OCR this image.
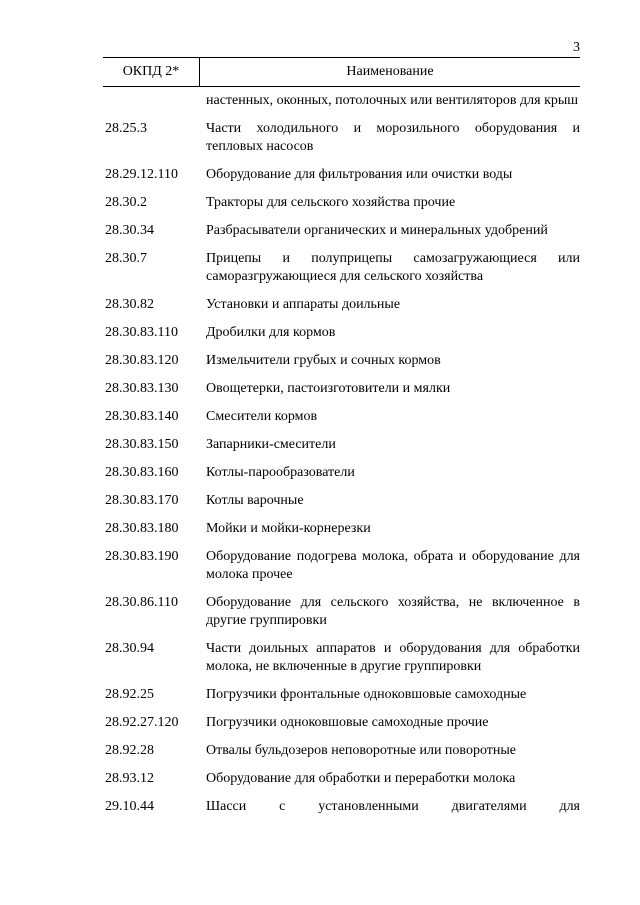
3
ОКПД 2*	Наименование
настенных, оконных, потолочных или вентиляторов для крыш
28.25.3	Части холодильного и морозильного оборудования и тепловых насосов
28.29.12.110	Оборудование для фильтрования или очистки воды
28.30.2	Тракторы для сельского хозяйства прочие
28.30.34	Разбрасыватели органических и минеральных удобрений
28.30.7	Прицепы и полуприцепы самозагружающиеся или саморазгружающиеся для сельского хозяйства
28.30.82	Установки и аппараты доильные
28.30.83.110	Дробилки для кормов
28.30.83.120	Измельчители грубых и сочных кормов
28.30.83.130	Овощетерки, пастоизготовители и мялки
28.30.83.140	Смесители кормов
28.30.83.150	Запарники-смесители
28.30.83.160	Котлы-парообразователи
28.30.83.170	Котлы варочные
28.30.83.180	Мойки и мойки-корнерезки
28.30.83.190	Оборудование подогрева молока, обрата и оборудование для молока прочее
28.30.86.110	Оборудование для сельского хозяйства, не включенное в другие группировки
28.30.94	Части доильных аппаратов и оборудования для обработки молока, не включенные в другие группировки
28.92.25	Погрузчики фронтальные одноковшовые самоходные
28.92.27.120	Погрузчики одноковшовые самоходные прочие
28.92.28	Отвалы бульдозеров неповоротные или поворотные
28.93.12	Оборудование для обработки и переработки молока
29.10.44	Шасси с установленными двигателями для
